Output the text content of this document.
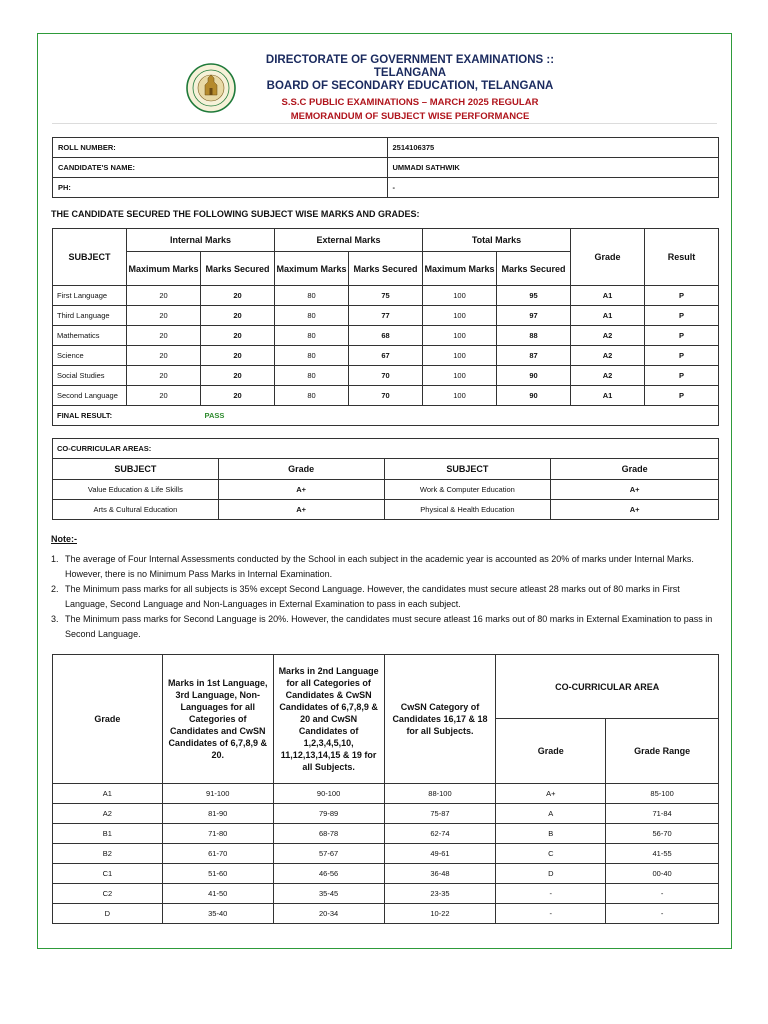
DIRECTORATE OF GOVERNMENT EXAMINATIONS :: TELANGANA
BOARD OF SECONDARY EDUCATION, TELANGANA
S.S.C PUBLIC EXAMINATIONS – MARCH 2025 REGULAR
MEMORANDUM OF SUBJECT WISE PERFORMANCE
ROLL NUMBER:	2514106375
CANDIDATE'S NAME:	UMMADI SATHWIK
PH:	-
THE CANDIDATE SECURED THE FOLLOWING SUBJECT WISE MARKS AND GRADES:
SUBJECT	Internal Marks		External Marks		Total Marks		Grade	Result
	Maximum Marks	Marks Secured	Maximum Marks	Marks Secured	Maximum Marks	Marks Secured		
First Language	20	20	80	75	100	95	A1	P
Third Language	20	20	80	77	100	97	A1	P
Mathematics	20	20	80	68	100	88	A2	P
Science	20	20	80	67	100	87	A2	P
Social Studies	20	20	80	70	100	90	A2	P
Second Language	20	20	80	70	100	90	A1	P
FINAL RESULT:		PASS						
CO-CURRICULAR AREAS:			
SUBJECT	Grade	SUBJECT	Grade
Value Education & Life Skills	A+	Work & Computer Education	A+
Arts & Cultural Education	A+	Physical & Health Education	A+
Note:-
1. The average of Four Internal Assessments conducted by the School in each subject in the academic year is accounted as 20% of marks under Internal Marks. However, there is no Minimum Pass Marks in Internal Examination.
2. The Minimum pass marks for all subjects is 35% except Second Language. However, the candidates must secure atleast 28 marks out of 80 marks in First Language, Second Language and Non-Languages in External Examination to pass in each subject.
3. The Minimum pass marks for Second Language is 20%. However, the candidates must secure atleast 16 marks out of 80 marks in External Examination to pass in Second Language.
Grade	Marks in 1st Language, 3rd Language, Non-Languages for all Categories of Candidates and CwSN Candidates of 6,7,8,9 & 20.	Marks in 2nd Language for all Categories of Candidates & CwSN Candidates of 6,7,8,9 & 20 and CwSN Candidates of 1,2,3,4,5,10, 11,12,13,14,15 & 19 for all Subjects.	CwSN Category of Candidates 16,17 & 18 for all Subjects.	CO-CURRICULAR AREA	
				Grade	Grade Range
A1	91-100	90-100	88-100	A+	85-100
A2	81-90	79-89	75-87	A	71-84
B1	71-80	68-78	62-74	B	56-70
B2	61-70	57-67	49-61	C	41-55
C1	51-60	46-56	36-48	D	00-40
C2	41-50	35-45	23-35	-	-
D	35-40	20-34	10-22	-	-
